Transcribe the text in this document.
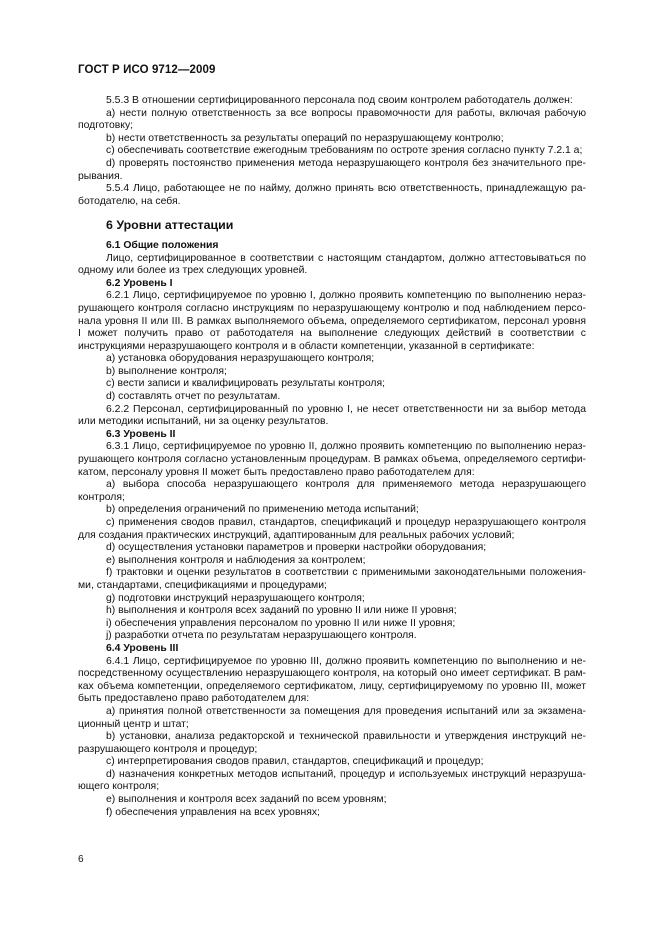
ГОСТ Р ИСО 9712—2009

5.5.3 В отношении сертифицированного персонала под своим контролем работодатель должен:

а) нести полную ответственность за все вопросы правомочности для работы, включая рабочую подготовку;

b) нести ответственность за результаты операций по неразрушающему контролю;

c) обеспечивать соответствие ежегодным требованиям по остроте зрения согласно пункту 7.2.1 а;

d) проверять постоянство применения метода неразрушающего контроля без значительного прерывания.

5.5.4 Лицо, работающее не по найму, должно принять всю ответственность, принадлежащую работодателю, на себя.

6 Уровни аттестации

6.1 Общие положения

Лицо, сертифицированное в соответствии с настоящим стандартом, должно аттестовываться по одному или более из трех следующих уровней.

6.2 Уровень I

6.2.1 Лицо, сертифицируемое по уровню I, должно проявить компетенцию по выполнению неразрушающего контроля согласно инструкциям по неразрушающему контролю и под наблюдением персонала уровня II или III. В рамках выполняемого объема, определяемого сертификатом, персонал уровня I может получить право от работодателя на выполнение следующих действий в соответствии с инструкциями неразрушающего контроля и в области компетенции, указанной в сертификате:

а) установка оборудования неразрушающего контроля;

b) выполнение контроля;

c) вести записи и квалифицировать результаты контроля;

d) составлять отчет по результатам.

6.2.2 Персонал, сертифицированный по уровню I, не несет ответственности ни за выбор метода или методики испытаний, ни за оценку результатов.

6.3 Уровень II

6.3.1 Лицо, сертифицируемое по уровню II, должно проявить компетенцию по выполнению неразрушающего контроля согласно установленным процедурам. В рамках объема, определяемого сертификатом, персоналу уровня II может быть предоставлено право работодателем для:

а) выбора способа неразрушающего контроля для применяемого метода неразрушающего контроля;

b) определения ограничений по применению метода испытаний;

c) применения сводов правил, стандартов, спецификаций и процедур неразрушающего контроля для создания практических инструкций, адаптированным для реальных рабочих условий;

d) осуществления установки параметров и проверки настройки оборудования;

е) выполнения контроля и наблюдения за контролем;

f) трактовки и оценки результатов в соответствии с применимыми законодательными положениями, стандартами, спецификациями и процедурами;

g) подготовки инструкций неразрушающего контроля;

h) выполнения и контроля всех заданий по уровню II или ниже II уровня;

i) обеспечения управления персоналом по уровню II или ниже II уровня;

j) разработки отчета по результатам неразрушающего контроля.

6.4 Уровень III

6.4.1 Лицо, сертифицируемое по уровню III, должно проявить компетенцию по выполнению и непосредственному осуществлению неразрушающего контроля, на который оно имеет сертификат. В рамках объема компетенции, определяемого сертификатом, лицу, сертифицируемому по уровню III, может быть предоставлено право работодателем для:

а) принятия полной ответственности за помещения для проведения испытаний или за экзаменационный центр и штат;

b) установки, анализа редакторской и технической правильности и утверждения инструкций неразрушающего контроля и процедур;

c) интерпретирования сводов правил, стандартов, спецификаций и процедур;

d) назначения конкретных методов испытаний, процедур и используемых инструкций неразрушающего контроля;

е) выполнения и контроля всех заданий по всем уровням;

f) обеспечения управления на всех уровнях;

6
